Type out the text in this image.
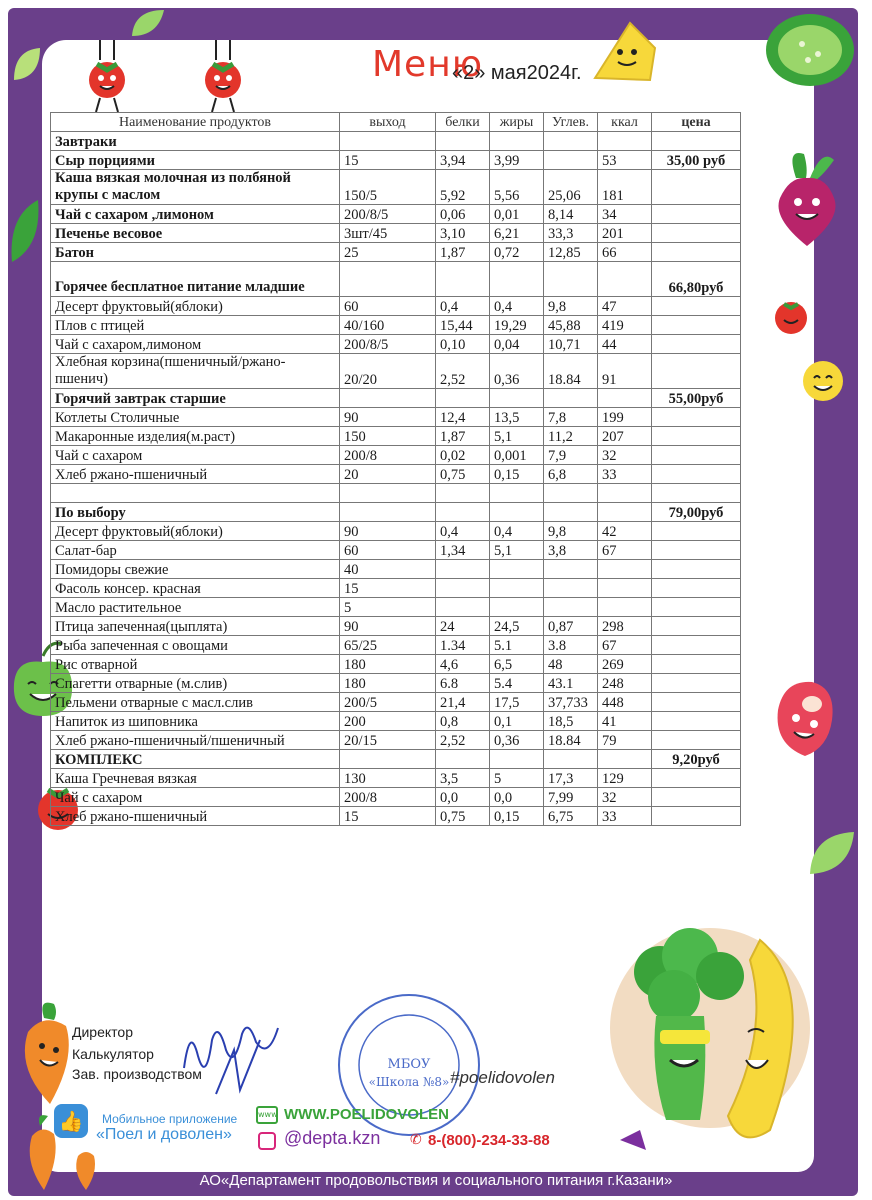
Меню
«2» мая2024г.
Наименование продуктов	выход	белки	жиры	Углев.	ккал	цена
Завтраки						
Сыр порциями	15	3,94	3,99		53	35,00 руб
Каша вязкая молочная из полбяной крупы с маслом	150/5	5,92	5,56	25,06	181	
Чай с сахаром ,лимоном	200/8/5	0,06	0,01	8,14	34	
Печенье весовое	3шт/45	3,10	6,21	33,3	201	
Батон	25	1,87	0,72	12,85	66	
Горячее бесплатное питание младшие						66,80руб
Десерт фруктовый(яблоки)	60	0,4	0,4	9,8	47	
Плов с птицей	40/160	15,44	19,29	45,88	419	
Чай с сахаром,лимоном	200/8/5	0,10	0,04	10,71	44	
Хлебная корзина(пшеничный/ржано-пшенич)	20/20	2,52	0,36	18.84	91	
Горячий завтрак старшие						55,00руб
Котлеты Столичные	90	12,4	13,5	7,8	199	
Макаронные изделия(м.раст)	150	1,87	5,1	11,2	207	
Чай с сахаром	200/8	0,02	0,001	7,9	32	
Хлеб ржано-пшеничный	20	0,75	0,15	6,8	33	

По выбору						79,00руб
Десерт фруктовый(яблоки)	90	0,4	0,4	9,8	42	
Салат-бар	60	1,34	5,1	3,8	67	
Помидоры свежие	40					
Фасоль консер. красная	15					
Масло растительное	5					
Птица запеченная(цыплята)	90	24	24,5	0,87	298	
Рыба запеченная с овощами	65/25	1.34	5.1	3.8	67	
Рис отварной	180	4,6	6,5	48	269	
Спагетти отварные (м.слив)	180	6.8	5.4	43.1	248	
Пельмени отварные с масл.слив	200/5	21,4	17,5	37,733	448	
Напиток из шиповника	200	0,8	0,1	18,5	41	
Хлеб ржано-пшеничный/пшеничный	20/15	2,52	0,36	18.84	79	
КОМПЛЕКС						9,20руб
Каша Гречневая вязкая	130	3,5	5	17,3	129	
Чай с сахаром	200/8	0,0	0,0	7,99	32	
Хлеб ржано-пшеничный	15	0,75	0,15	6,75	33	
Директор
Калькулятор
Зав. производством
МБОУ
«Школа №8» #poelidovolen
👍	Мобильное приложение
«Поел и доволен»
www WWW.POELIDOVOLEN
@depta.kzn ✆ 8-(800)-234-33-88
АО«Департамент продовольствия и социального питания г.Казани»
